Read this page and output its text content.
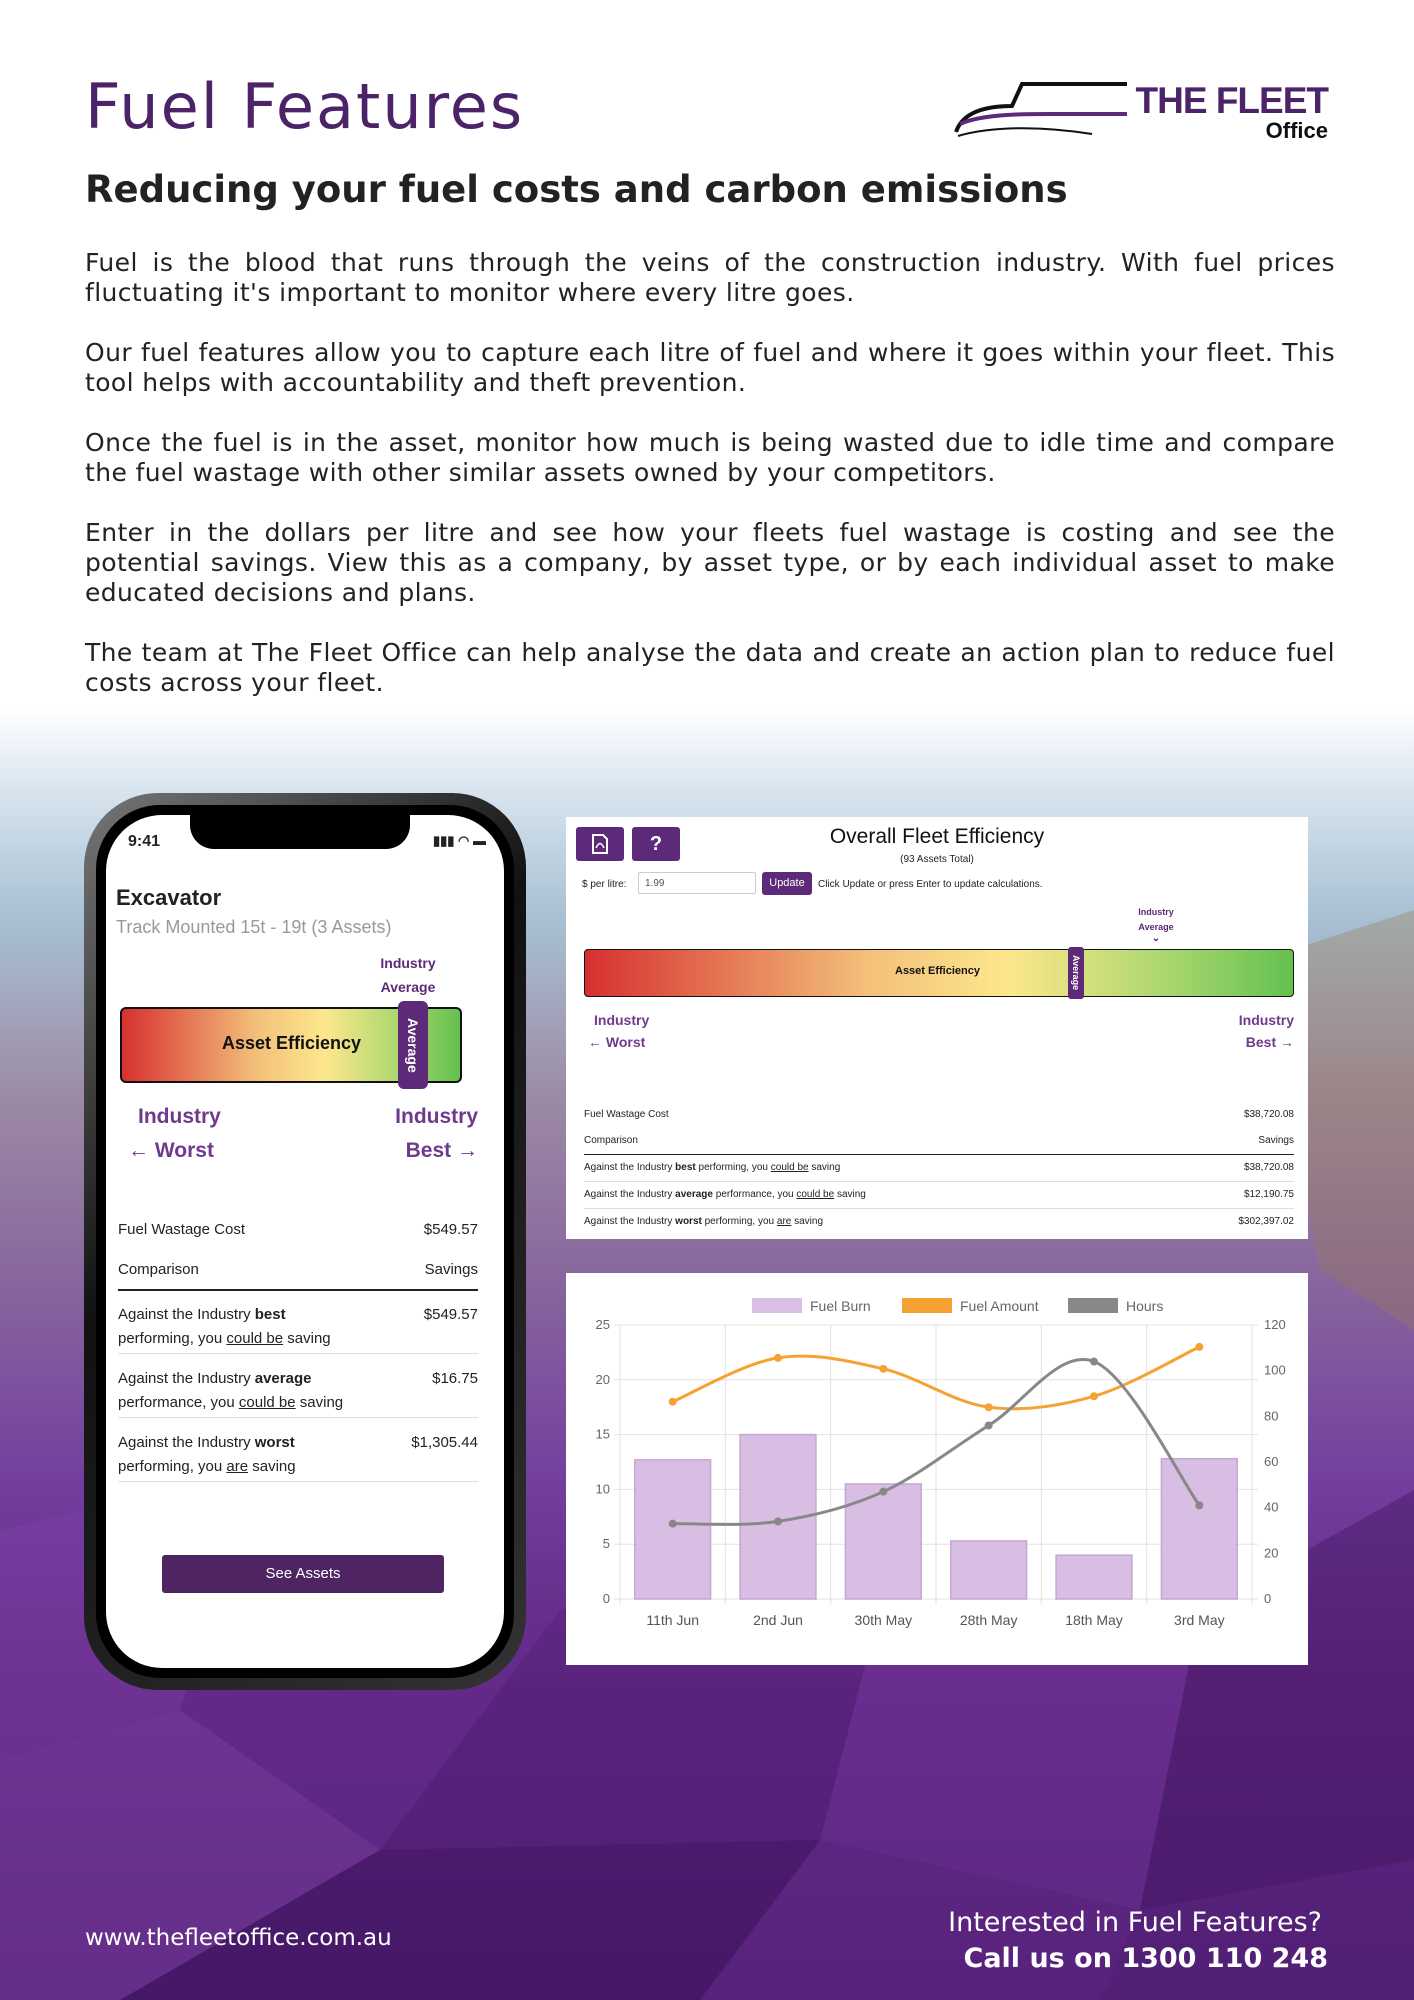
Fuel Features	THE FLEET
Office
Reducing your fuel costs and carbon emissions

Fuel is the blood that runs through the veins of the construction industry. With fuel prices fluctuating it's important to monitor where every litre goes.

Our fuel features allow you to capture each litre of fuel and where it goes within your fleet. This tool helps with accountability and theft prevention.

Once the fuel is in the asset, monitor how much is being wasted due to idle time and compare the fuel wastage with other similar assets owned by your competitors.

Enter in the dollars per litre and see how your fleets fuel wastage is costing and see the potential savings. View this as a company, by asset type, or by each individual asset to make educated decisions and plans.

The team at The Fleet Office can help analyse the data and create an action plan to reduce fuel costs across your fleet.

9:41	▮▮▮ ◠ ▬
Excavator
Track Mounted 15t - 19t (3 Assets)
Industry
Average
Asset Efficiency	Average
Industry
← Worst
Industry
Best →
Fuel Wastage Cost	$549.57
Comparison	Savings
Against the Industry best
performing, you could be saving
$549.57
Against the Industry average
performance, you could be saving
$16.75
Against the Industry worst
performing, you are saving
$1,305.44
See Assets
?	Overall Fleet Efficiency
(93 Assets Total)
$ per litre:	1.99	Update	Click Update or press Enter to update calculations.
Industry
Average
⌄
Asset Efficiency	Average
Industry
← Worst
Industry
Best →
Fuel Wastage Cost	$38,720.08
Comparison	Savings
Against the Industry best performing, you could be saving	$38,720.08
Against the Industry average performance, you could be saving	$12,190.75
Against the Industry worst performing, you are saving	$302,397.02
0
5
10
15
20
25
0
20
40
60
80
100
120
11th Jun	2nd Jun	30th May	28th May	18th May	3rd May
Fuel Burn	Fuel Amount	Hours
www.thefleetoffice.com.au	Interested in Fuel Features?
Call us on 1300 110 248
